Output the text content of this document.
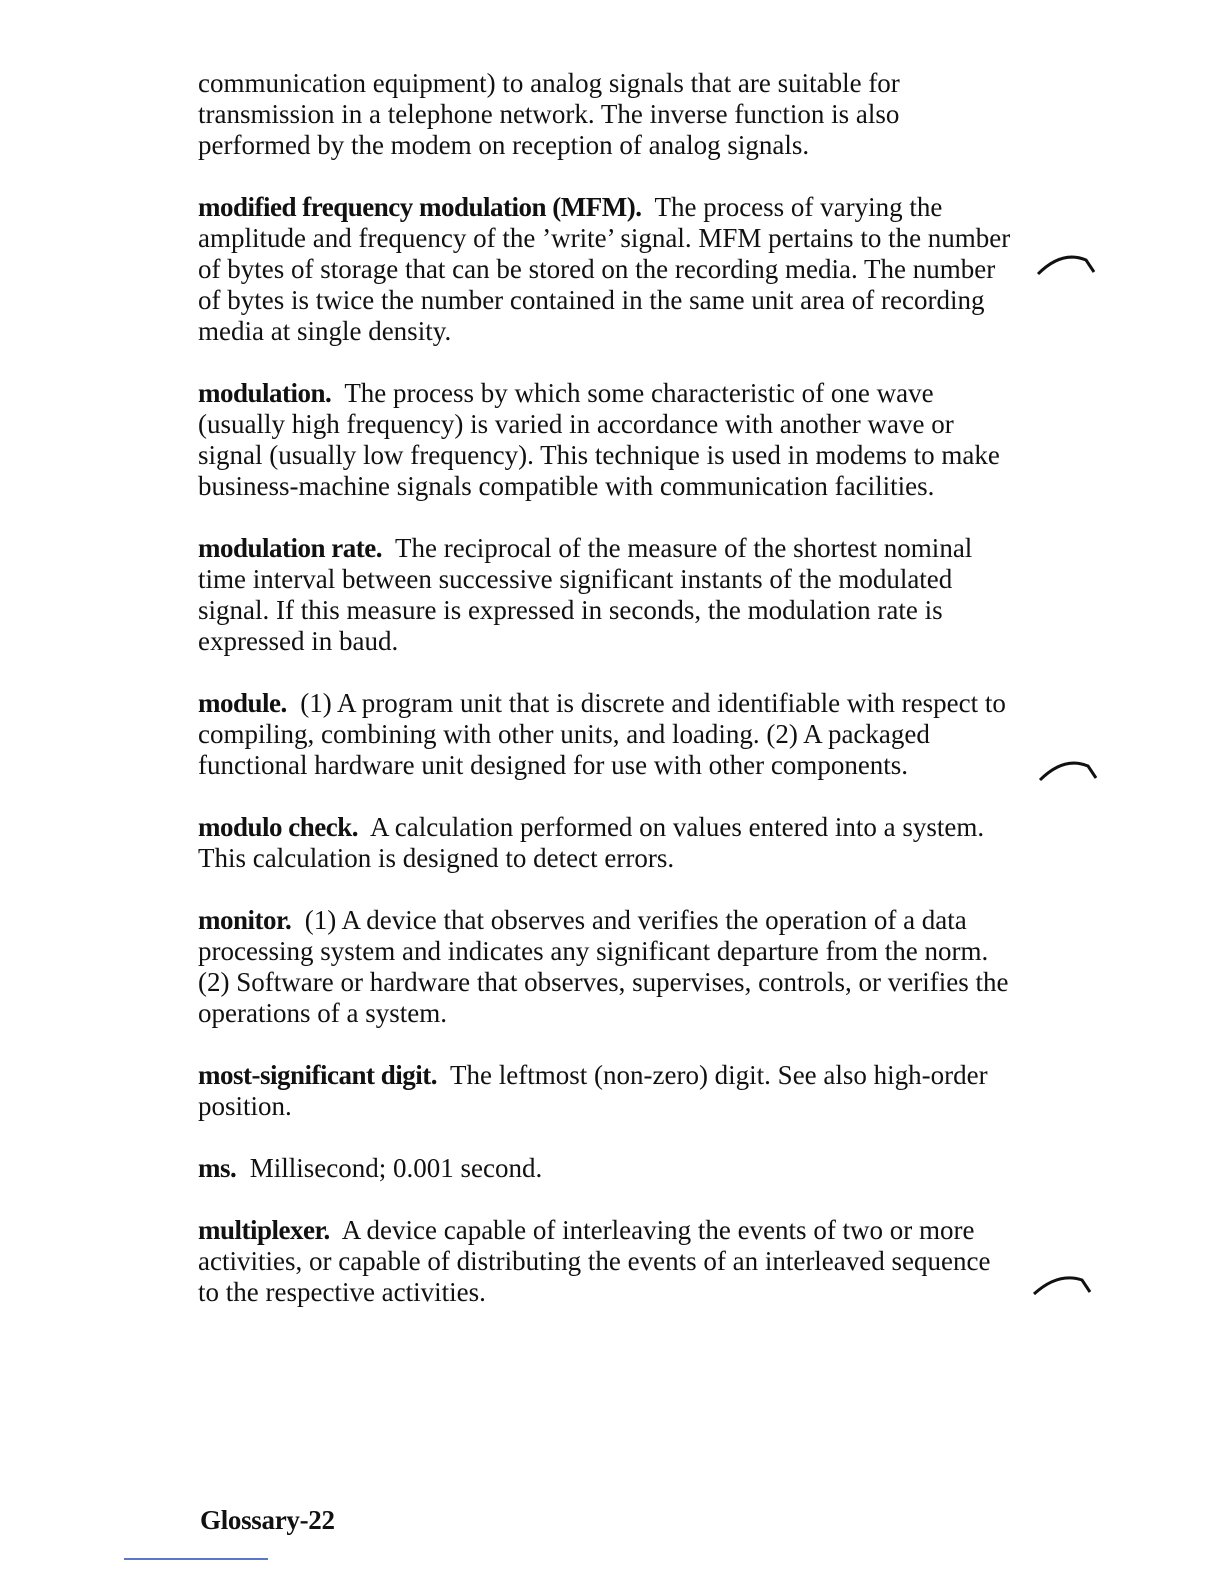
communication equipment) to analog signals that are suitable for transmission in a telephone network. The inverse function is also performed by the modem on reception of analog signals.

modified frequency modulation (MFM). The process of varying the amplitude and frequency of the ’write’ signal. MFM pertains to the number of bytes of storage that can be stored on the recording media. The number of bytes is twice the number contained in the same unit area of recording media at single density.

modulation. The process by which some characteristic of one wave (usually high frequency) is varied in accordance with another wave or signal (usually low frequency). This technique is used in modems to make business-machine signals compatible with communication facilities.

modulation rate. The reciprocal of the measure of the shortest nominal time interval between successive significant instants of the modulated signal. If this measure is expressed in seconds, the modulation rate is expressed in baud.

module. (1) A program unit that is discrete and identifiable with respect to compiling, combining with other units, and loading. (2) A packaged functional hardware unit designed for use with other components.

modulo check. A calculation performed on values entered into a system. This calculation is designed to detect errors.

monitor. (1) A device that observes and verifies the operation of a data processing system and indicates any significant departure from the norm. (2) Software or hardware that observes, supervises, controls, or verifies the operations of a system.

most-significant digit. The leftmost (non-zero) digit. See also high-order position.

ms. Millisecond; 0.001 second.

multiplexer. A device capable of interleaving the events of two or more activities, or capable of distributing the events of an interleaved sequence to the respective activities.

Glossary-22
